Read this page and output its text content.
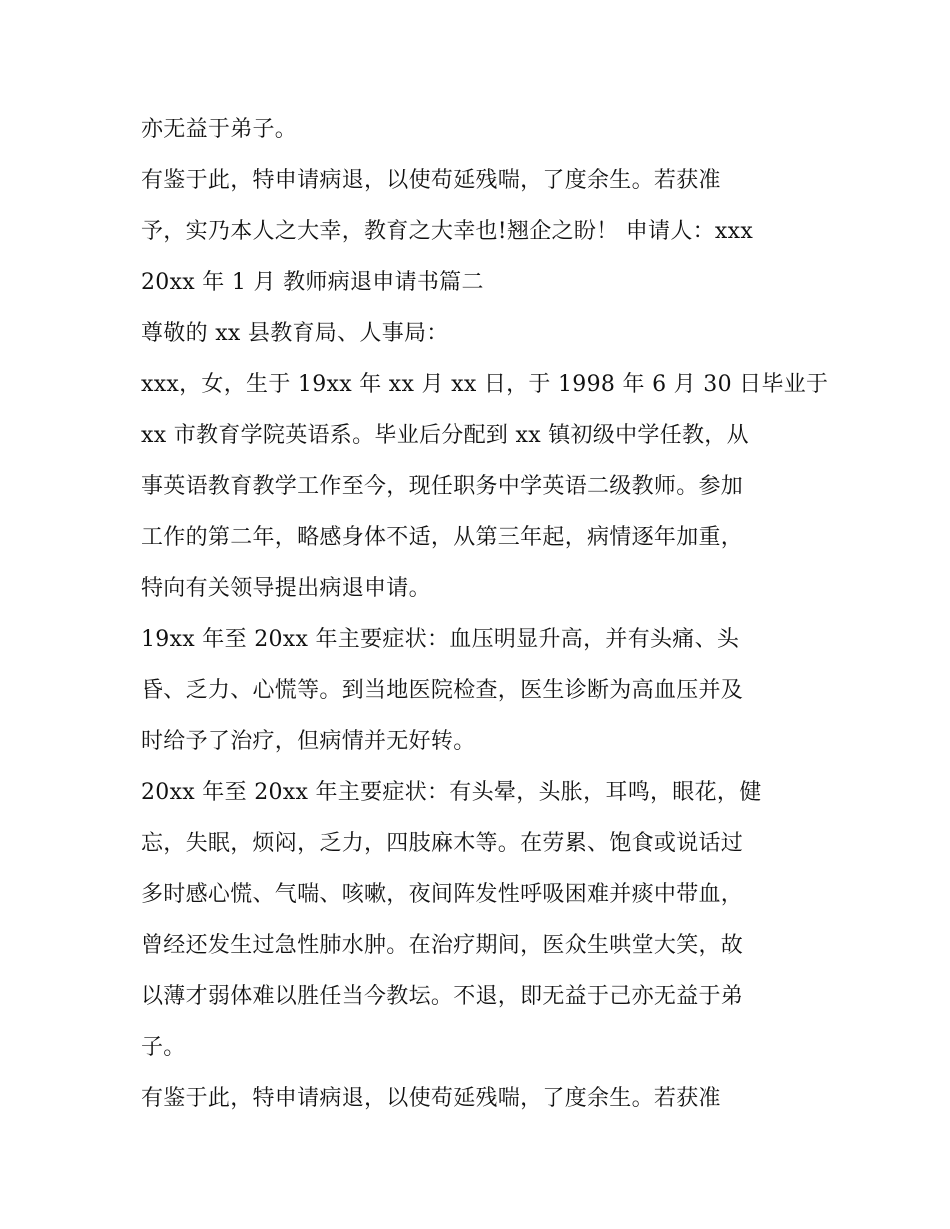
亦无益于弟子。
有鉴于此，特申请病退，以使苟延残喘，了度余生。若获准
予，实乃本人之大幸，教育之大幸也!翘企之盼！ 申请人：xxx
20xx 年 1 月 教师病退申请书篇二
尊敬的 xx 县教育局、人事局：
xxx，女，生于 19xx 年 xx 月 xx 日，于 1998 年 6 月 30 日毕业于
xx 市教育学院英语系。毕业后分配到 xx 镇初级中学任教，从
事英语教育教学工作至今，现任职务中学英语二级教师。参加
工作的第二年，略感身体不适，从第三年起，病情逐年加重，
特向有关领导提出病退申请。
19xx 年至 20xx 年主要症状：血压明显升高，并有头痛、头
昏、乏力、心慌等。到当地医院检查，医生诊断为高血压并及
时给予了治疗，但病情并无好转。
20xx 年至 20xx 年主要症状：有头晕，头胀，耳鸣，眼花，健
忘，失眠，烦闷，乏力，四肢麻木等。在劳累、饱食或说话过
多时感心慌、气喘、咳嗽，夜间阵发性呼吸困难并痰中带血，
曾经还发生过急性肺水肿。在治疗期间，医众生哄堂大笑，故
以薄才弱体难以胜任当今教坛。不退，即无益于己亦无益于弟
子。
有鉴于此，特申请病退，以使苟延残喘，了度余生。若获准
